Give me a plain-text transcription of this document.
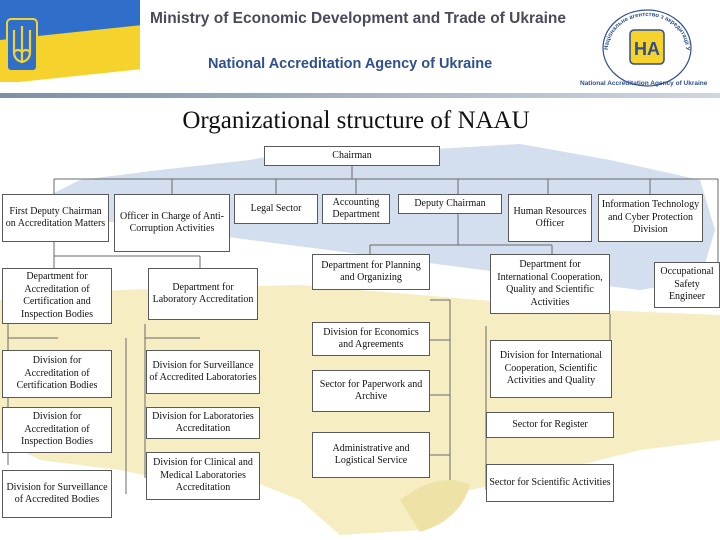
Ministry of Economic Development and Trade of Ukraine
National Accreditation Agency of Ukraine
Національне агентство з акредитації У
НА
National Accreditation Agency of Ukraine
Organizational structure of NAAU
Chairman
First Deputy Chairman on Accreditation Matters
Officer in Charge of Anti-Corruption Activities
Legal Sector
Accounting Department
Deputy Chairman
Human Resources Officer
Information Technology and Cyber Protection Division
Department for Accreditation of Certification and Inspection Bodies
Department for Laboratory Accreditation
Department for Planning and Organizing
Department for International Cooperation, Quality and Scientific Activities
Occupational Safety Engineer
Division for Economics and Agreements
Sector for Paperwork and Archive
Administrative and Logistical Service
Division for International Cooperation, Scientific Activities and Quality
Sector for Register
Sector for Scientific Activities
Division for Accreditation of Certification Bodies
Division for Accreditation of Inspection Bodies
Division for Surveillance of Accredited Bodies
Division for Surveillance of Accredited Laboratories
Division for Laboratories Accreditation
Division for Clinical and Medical Laboratories Accreditation
